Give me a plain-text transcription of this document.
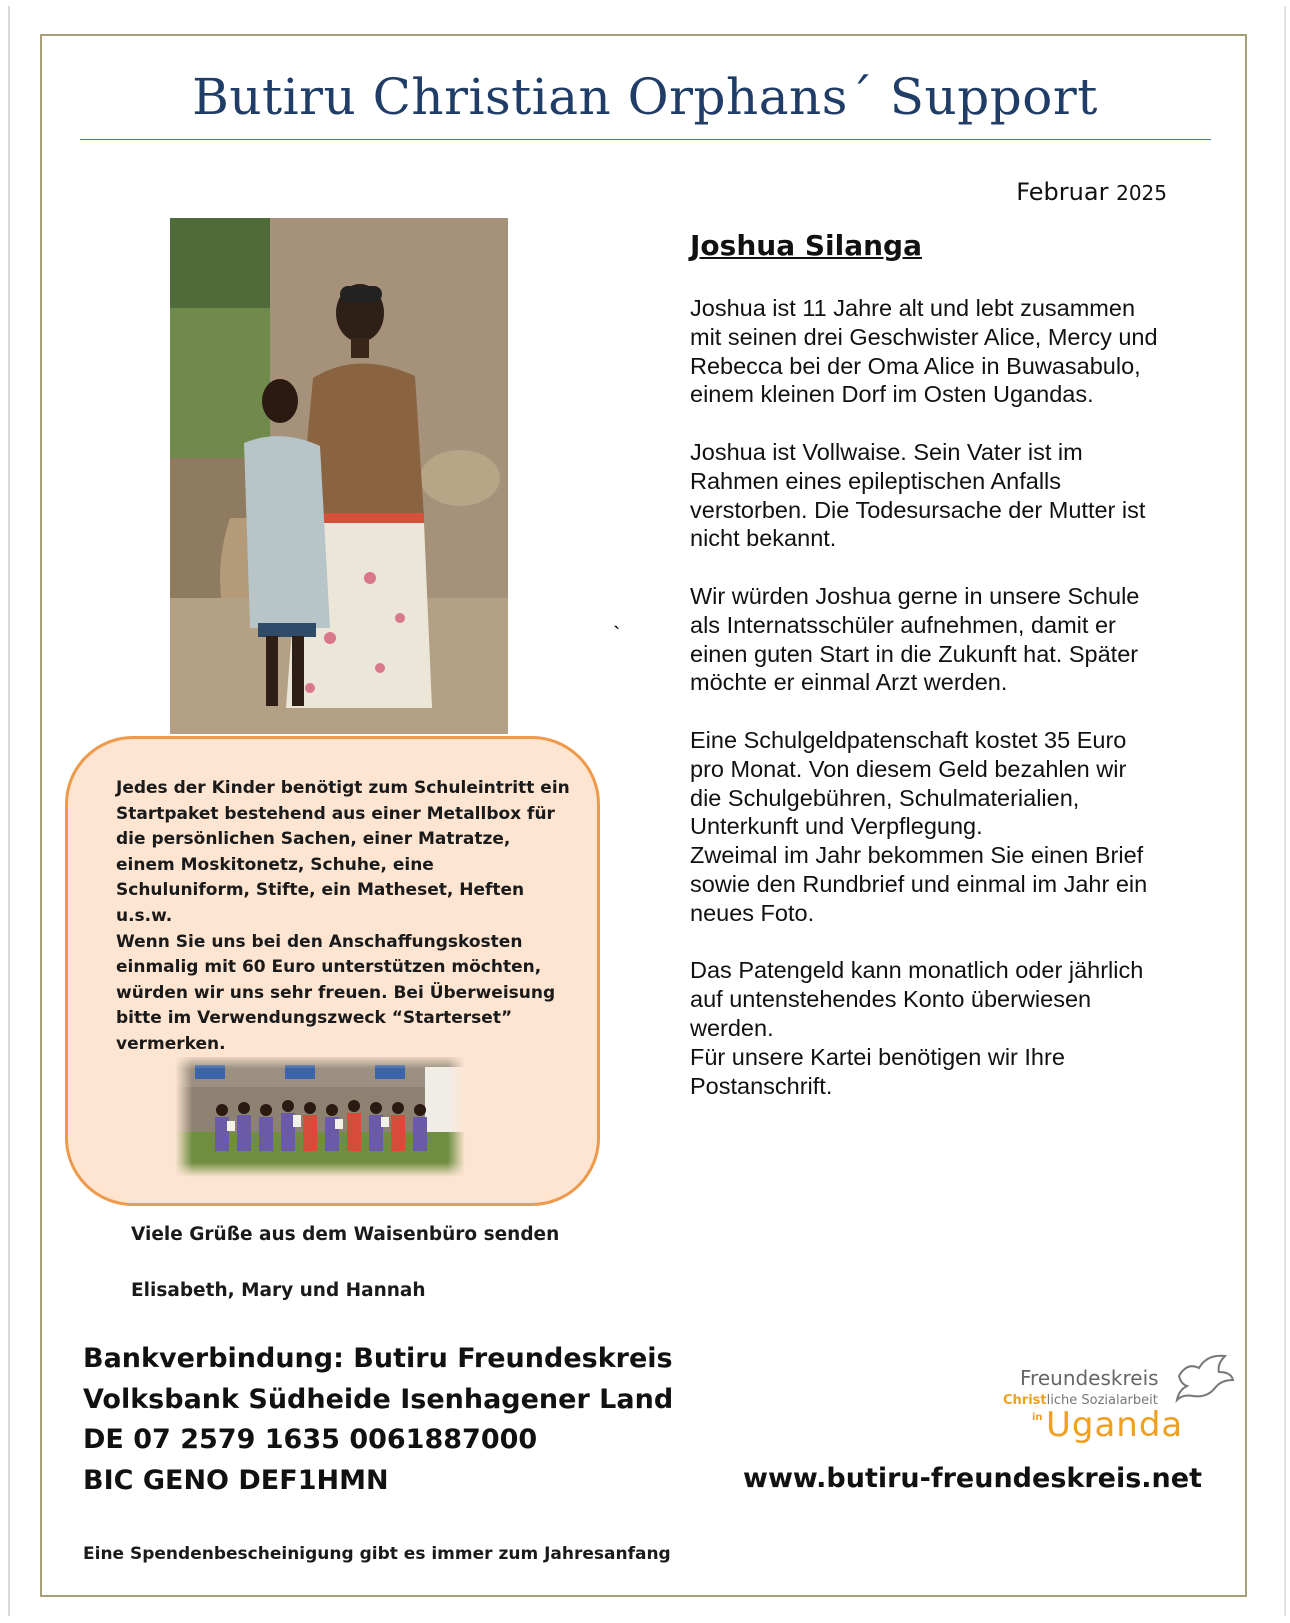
Butiru Christian Orphans´ Support
Februar 2025
Joshua Silanga

Joshua ist 11 Jahre alt und lebt zusammen mit seinen drei Geschwister Alice, Mercy und Rebecca bei der Oma Alice in Buwasabulo, einem kleinen Dorf im Osten Ugandas.

Joshua ist Vollwaise. Sein Vater ist im Rahmen eines epileptischen Anfalls verstorben. Die Todesursache der Mutter ist nicht bekannt.

Wir würden Joshua gerne in unsere Schule als Internatsschüler aufnehmen, damit er einen guten Start in die Zukunft hat. Später möchte er einmal Arzt werden.

Eine Schulgeldpatenschaft kostet 35 Euro pro Monat. Von diesem Geld bezahlen wir die Schulgebühren, Schulmaterialien, Unterkunft und Verpflegung.

Zweimal im Jahr bekommen Sie einen Brief sowie den Rundbrief und einmal im Jahr ein neues Foto.

Das Patengeld kann monatlich oder jährlich auf untenstehendes Konto überwiesen werden.

Für unsere Kartei benötigen wir Ihre Postanschrift.

`

Jedes der Kinder benötigt zum Schuleintritt ein Startpaket bestehend aus einer Metallbox für die persönlichen Sachen, einer Matratze, einem Moskitonetz, Schuhe, eine Schuluniform, Stifte, ein Matheset, Heften u.s.w.

Wenn Sie uns bei den Anschaffungskosten einmalig mit 60 Euro unterstützen möchten, würden wir uns sehr freuen. Bei Überweisung bitte im Verwendungszweck “Starterset” vermerken.

Viele Grüße aus dem Waisenbüro senden
Elisabeth, Mary und Hannah
Bankverbindung: Butiru Freundeskreis
Volksbank Südheide Isenhagener Land
DE 07 2579 1635 0061887000
BIC GENO DEF1HMN
Freundeskreis
Christliche Sozialarbeit
in Uganda
www.butiru-freundeskreis.net
Eine Spendenbescheinigung gibt es immer zum Jahresanfang
